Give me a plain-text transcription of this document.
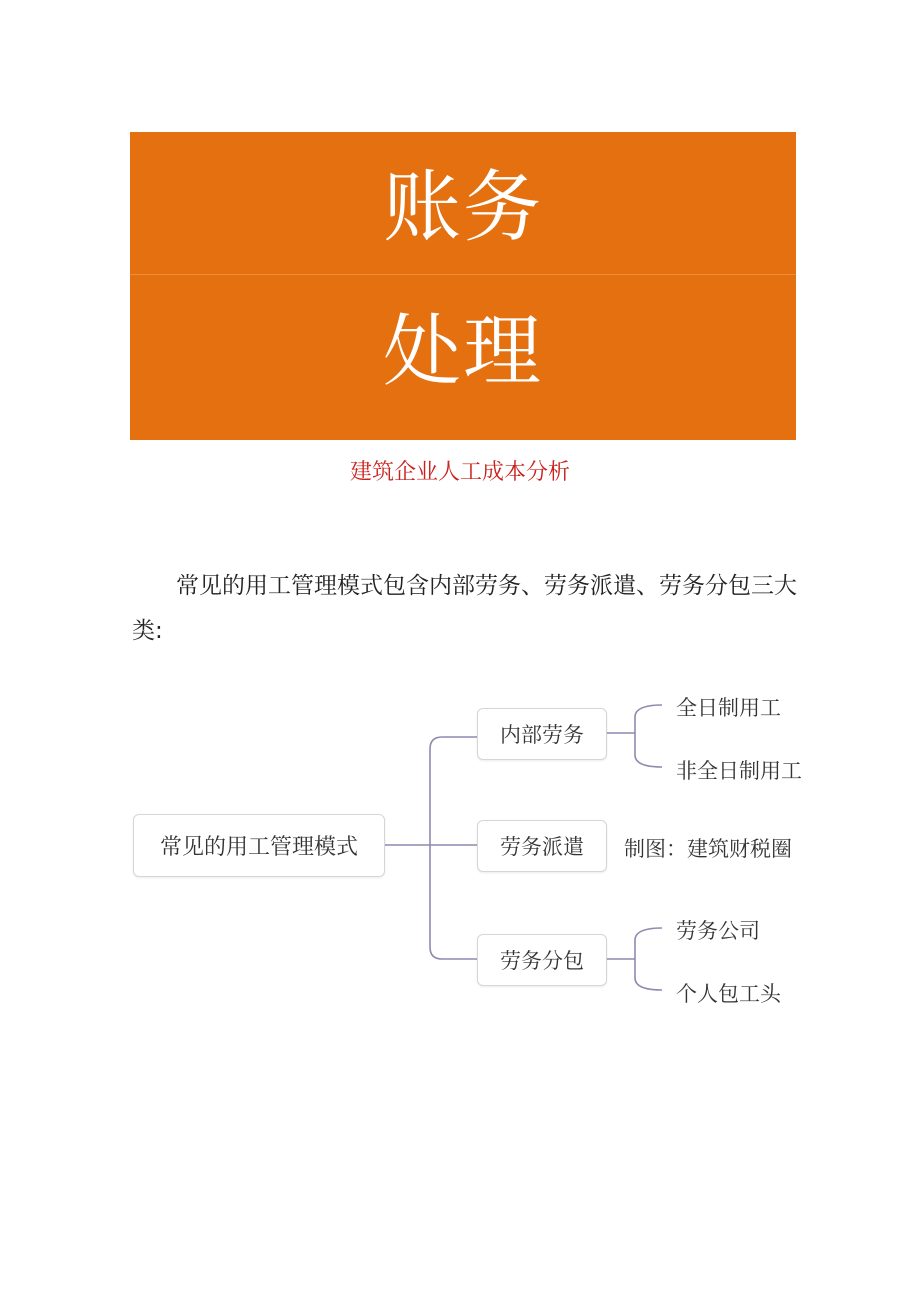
账务
处理
建筑企业人工成本分析

常见的用工管理模式包含内部劳务、劳务派遣、劳务分包三大类:

常见的用工管理模式
内部劳务
劳务派遣
劳务分包
全日制用工
非全日制用工
劳务公司
个人包工头
制图：建筑财税圈
